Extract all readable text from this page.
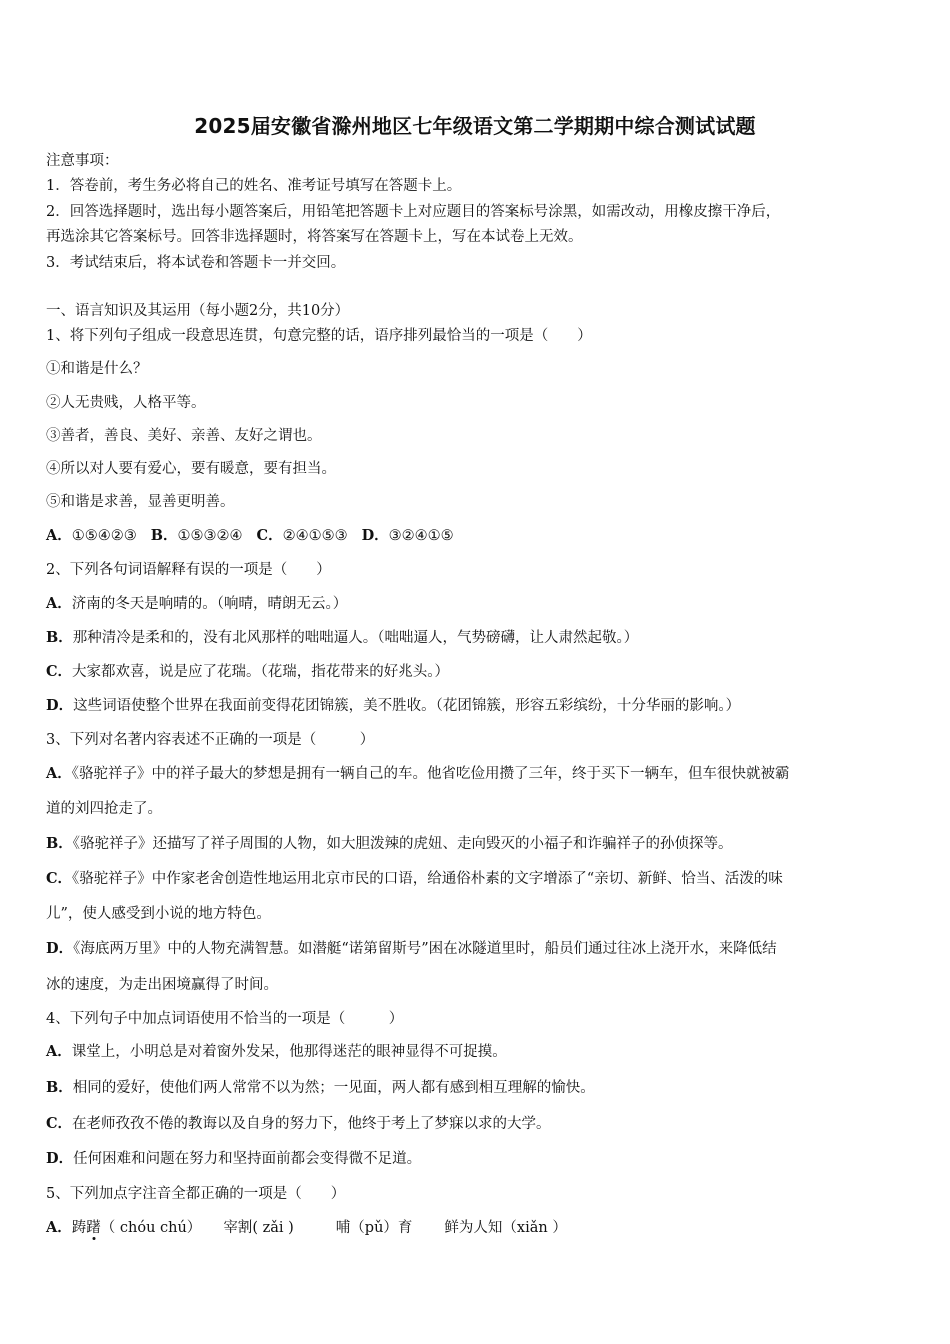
2025届安徽省滁州地区七年级语文第二学期期中综合测试试题
注意事项：
1．答卷前，考生务必将自己的姓名、准考证号填写在答题卡上。
2．回答选择题时，选出每小题答案后，用铅笔把答题卡上对应题目的答案标号涂黑，如需改动，用橡皮擦干净后，
再选涂其它答案标号。回答非选择题时，将答案写在答题卡上，写在本试卷上无效。
3．考试结束后，将本试卷和答题卡一并交回。
一、语言知识及其运用（每小题2分，共10分）
1、将下列句子组成一段意思连贯，句意完整的话，语序排列最恰当的一项是（　　）
①和谐是什么？
②人无贵贱，人格平等。
③善者，善良、美好、亲善、友好之谓也。
④所以对人要有爱心，要有暖意，要有担当。
⑤和谐是求善，显善更明善。
A．①⑤④②③ B．①⑤③②④ C．②④①⑤③ D．③②④①⑤
2、下列各句词语解释有误的一项是（　　）
A．济南的冬天是响晴的。（响晴，晴朗无云。）
B．那种清冷是柔和的，没有北风那样的咄咄逼人。（咄咄逼人，气势磅礴，让人肃然起敬。）
C．大家都欢喜，说是应了花瑞。（花瑞，指花带来的好兆头。）
D．这些词语使整个世界在我面前变得花团锦簇，美不胜收。（花团锦簇，形容五彩缤纷，十分华丽的影响。）
3、下列对名著内容表述不正确的一项是（　　　）
A．《骆驼祥子》中的祥子最大的梦想是拥有一辆自己的车。他省吃俭用攒了三年，终于买下一辆车，但车很快就被霸
道的刘四抢走了。
B．《骆驼祥子》还描写了祥子周围的人物，如大胆泼辣的虎妞、走向毁灭的小福子和诈骗祥子的孙侦探等。
C．《骆驼祥子》中作家老舍创造性地运用北京市民的口语，给通俗朴素的文字增添了“亲切、新鲜、恰当、活泼的味
儿”，使人感受到小说的地方特色。
D．《海底两万里》中的人物充满智慧。如潜艇“诺第留斯号”困在冰隧道里时，船员们通过往冰上浇开水，来降低结
冰的速度，为走出困境赢得了时间。
4、下列句子中加点词语使用不恰当的一项是（　　　）
A．课堂上，小明总是对着窗外发呆，他那得迷茫的眼神显得不可捉摸。
B．相同的爱好，使他们两人常常不以为然；一见面，两人都有感到相互理解的愉快。
C．在老师孜孜不倦的教诲以及自身的努力下，他终于考上了梦寐以求的大学。
D．任何困难和问题在努力和坚持面前都会变得微不足道。
5、下列加点字注音全都正确的一项是（　　）
A．踌躇（ chóu chú） 宰割( zǎi )	哺（pǔ）育 鲜为人知（xiǎn ）
